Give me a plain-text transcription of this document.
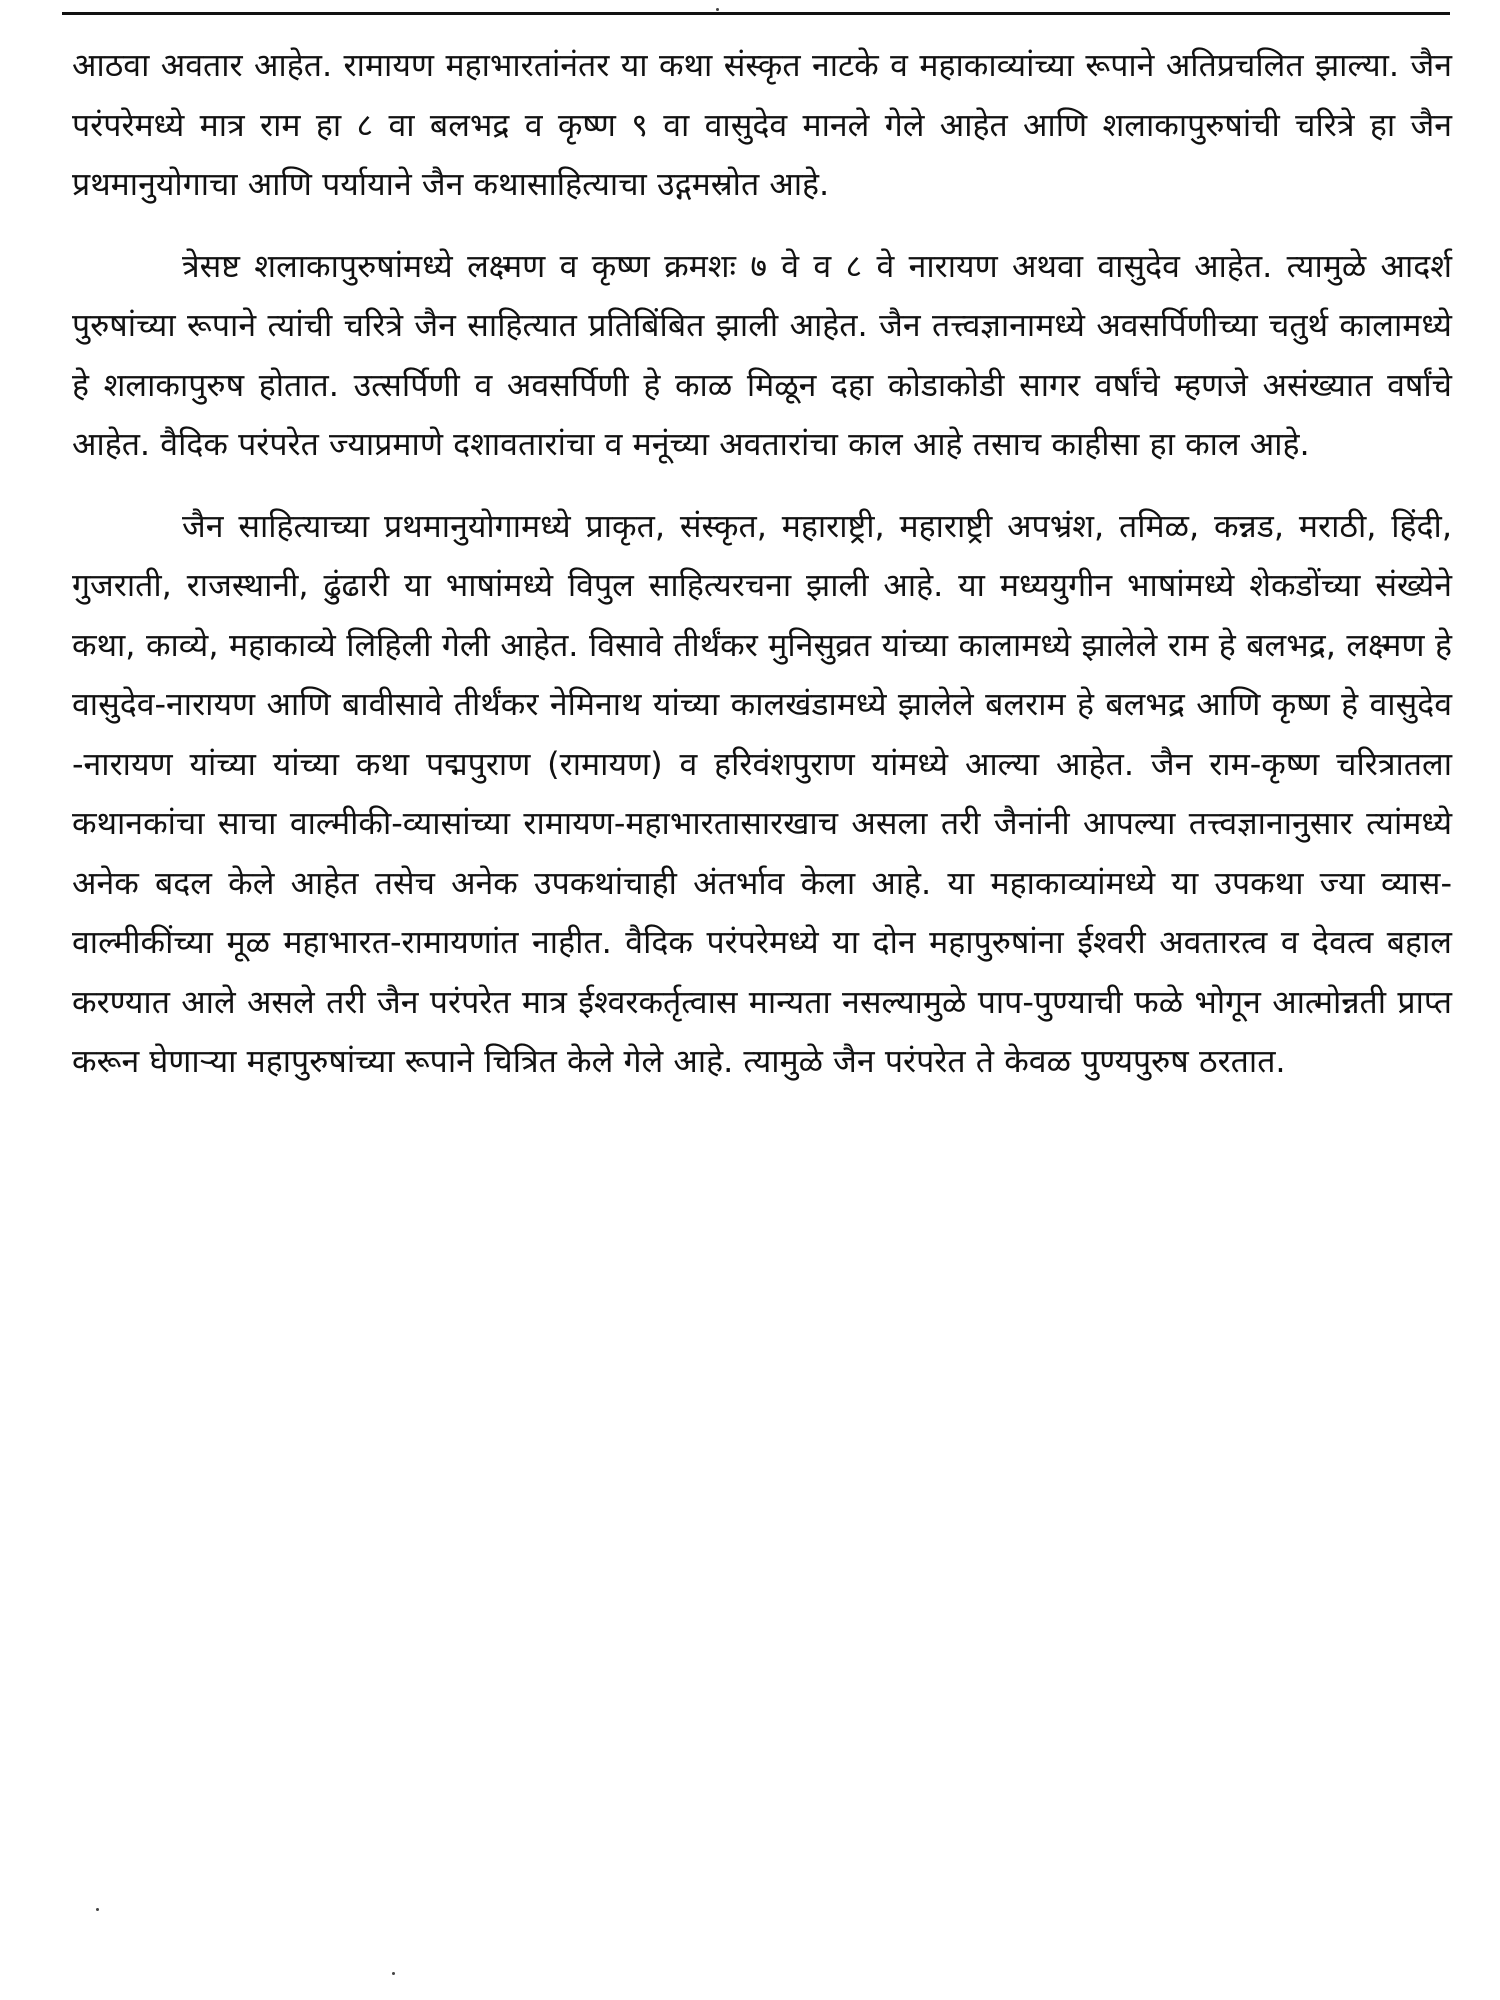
आठवा अवतार आहेत. रामायण महाभारतांनंतर या कथा संस्कृत नाटके व महाकाव्यांच्या रूपाने अतिप्रचलित झाल्या. जैन परंपरेमध्ये मात्र राम हा ८ वा बलभद्र व कृष्ण ९ वा वासुदेव मानले गेले आहेत आणि शलाकापुरुषांची चरित्रे हा जैन प्रथमानुयोगाचा आणि पर्यायाने जैन कथासाहित्याचा उद्गमस्रोत आहे.

त्रेसष्ट शलाकापुरुषांमध्ये लक्ष्मण व कृष्ण क्रमशः ७ वे व ८ वे नारायण अथवा वासुदेव आहेत. त्यामुळे आदर्श पुरुषांच्या रूपाने त्यांची चरित्रे जैन साहित्यात प्रतिबिंबित झाली आहेत. जैन तत्त्वज्ञानामध्ये अवसर्पिणीच्या चतुर्थ कालामध्ये हे शलाकापुरुष होतात. उत्सर्पिणी व अवसर्पिणी हे काळ मिळून दहा कोडाकोडी सागर वर्षांचे म्हणजे असंख्यात वर्षांचे आहेत. वैदिक परंपरेत ज्याप्रमाणे दशावतारांचा व मनूंच्या अवतारांचा काल आहे तसाच काहीसा हा काल आहे.

जैन साहित्याच्या प्रथमानुयोगामध्ये प्राकृत, संस्कृत, महाराष्ट्री, महाराष्ट्री अपभ्रंश, तमिळ, कन्नड, मराठी, हिंदी, गुजराती, राजस्थानी, ढुंढारी या भाषांमध्ये विपुल साहित्यरचना झाली आहे. या मध्ययुगीन भाषांमध्ये शेकडोंच्या संख्येने कथा, काव्ये, महाकाव्ये लिहिली गेली आहेत. विसावे तीर्थंकर मुनिसुव्रत यांच्या कालामध्ये झालेले राम हे बलभद्र, लक्ष्मण हे वासुदेव-नारायण आणि बावीसावे तीर्थंकर नेमिनाथ यांच्या कालखंडामध्ये झालेले बलराम हे बलभद्र आणि कृष्ण हे वासुदेव -नारायण यांच्या यांच्या कथा पद्मपुराण (रामायण) व हरिवंशपुराण यांमध्ये आल्या आहेत. जैन राम-कृष्ण चरित्रातला कथानकांचा साचा वाल्मीकी-व्यासांच्या रामायण-महाभारतासारखाच असला तरी जैनांनी आपल्या तत्त्वज्ञानानुसार त्यांमध्ये अनेक बदल केले आहेत तसेच अनेक उपकथांचाही अंतर्भाव केला आहे. या महाकाव्यांमध्ये या उपकथा ज्या व्यास-वाल्मीकींच्या मूळ महाभारत-रामायणांत नाहीत. वैदिक परंपरेमध्ये या दोन महापुरुषांना ईश्वरी अवतारत्व व देवत्व बहाल करण्यात आले असले तरी जैन परंपरेत मात्र ईश्वरकर्तृत्वास मान्यता नसल्यामुळे पाप-पुण्याची फळे भोगून आत्मोन्नती प्राप्त करून घेणाऱ्या महापुरुषांच्या रूपाने चित्रित केले गेले आहे. त्यामुळे जैन परंपरेत ते केवळ पुण्यपुरुष ठरतात.
